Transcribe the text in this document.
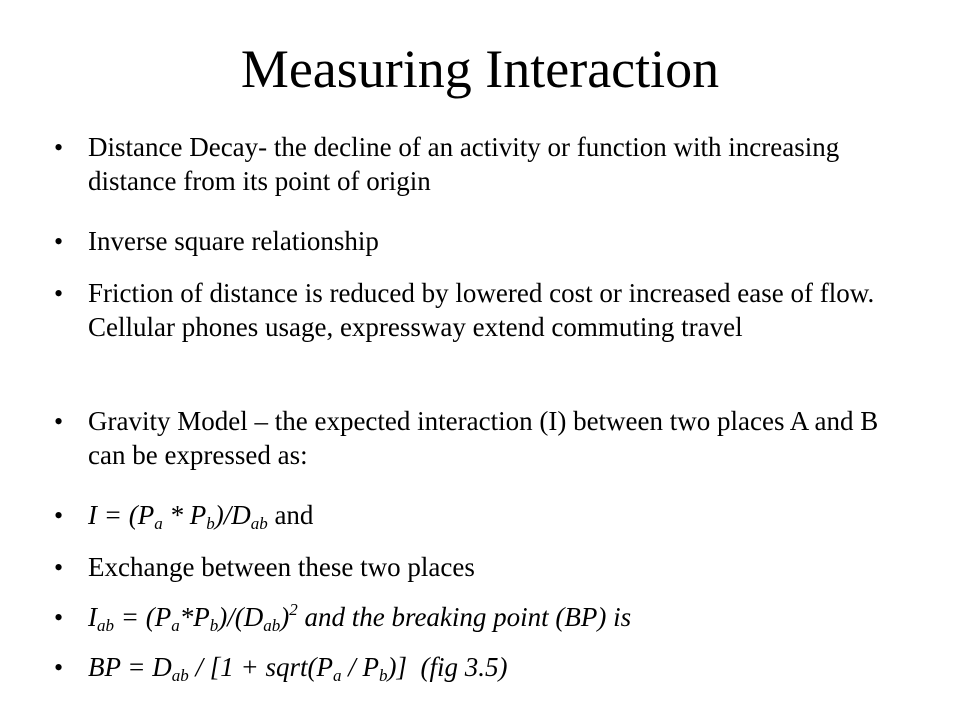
Measuring Interaction
• Distance Decay- the decline of an activity or function with increasing distance from its point of origin
• Inverse square relationship
• Friction of distance is reduced by lowered cost or increased ease of flow. Cellular phones usage, expressway extend commuting travel
• Gravity Model – the expected interaction (I) between two places A and B can be expressed as:
• $I = (P_a * P_b)/D_{ab}$ and
• Exchange between these two places
• $I_{ab} = (P_a*P_b)/(D_{ab})^2$ and the breaking point (BP) is
• BP = $D_{ab} / [1$ + $sqrt(P_a / P_b)$]  (fig 3.5)
